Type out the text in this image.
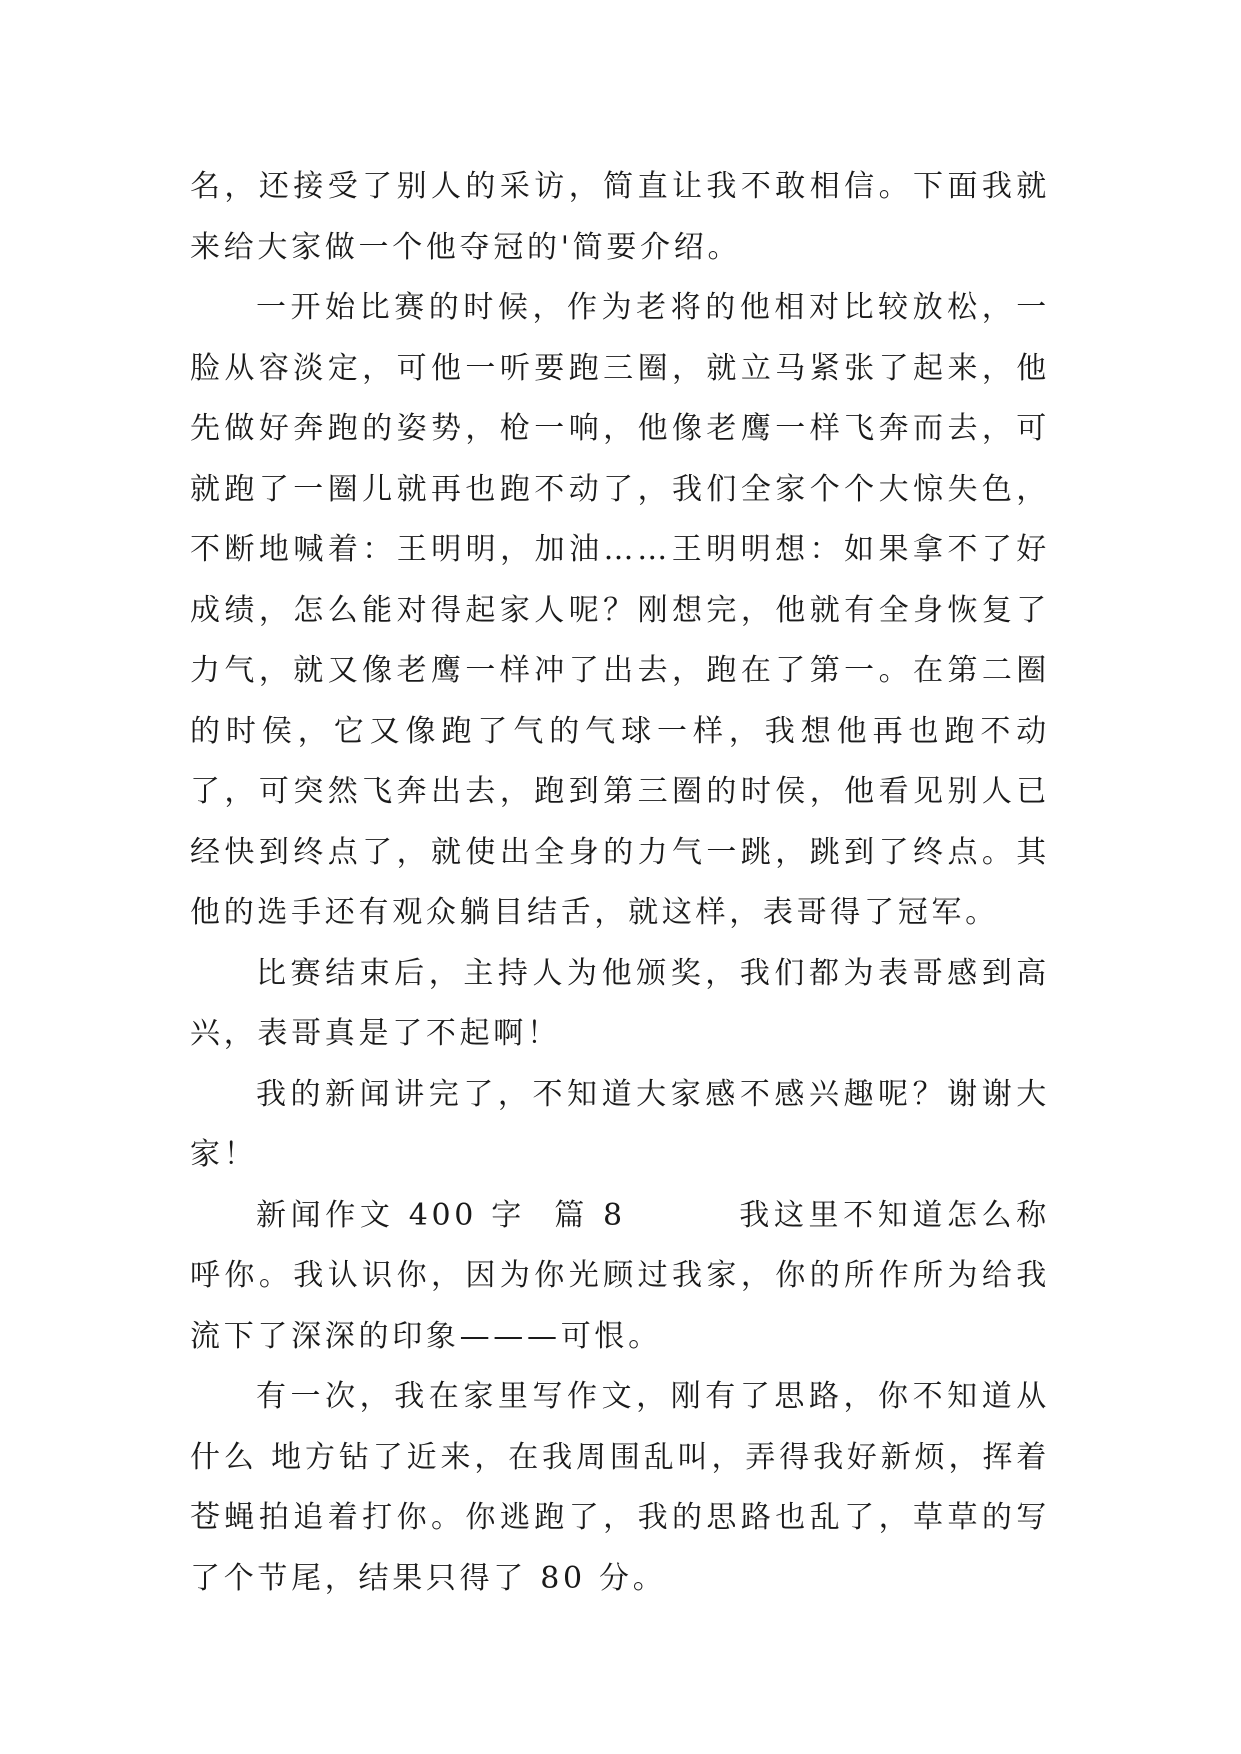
名，还接受了别人的采访，简直让我不敢相信。下面我就来给大家做一个他夺冠的'简要介绍。

一开始比赛的时候，作为老将的他相对比较放松，一脸从容淡定，可他一听要跑三圈，就立马紧张了起来，他先做好奔跑的姿势，枪一响，他像老鹰一样飞奔而去，可就跑了一圈儿就再也跑不动了，我们全家个个大惊失色，不断地喊着：王明明，加油……王明明想：如果拿不了好成绩，怎么能对得起家人呢？刚想完，他就有全身恢复了力气，就又像老鹰一样冲了出去，跑在了第一。在第二圈的时侯，它又像跑了气的气球一样，我想他再也跑不动了，可突然飞奔出去，跑到第三圈的时侯，他看见别人已经快到终点了，就使出全身的力气一跳，跳到了终点。其他的选手还有观众躺目结舌，就这样，表哥得了冠军。

比赛结束后，主持人为他颁奖，我们都为表哥感到高兴，表哥真是了不起啊！

我的新闻讲完了，不知道大家感不感兴趣呢？谢谢大家！

新闻作文 400 字  篇 8        我这里不知道怎么称呼你。我认识你，因为你光顾过我家，你的所作所为给我流下了深深的印象———可恨。

有一次，我在家里写作文，刚有了思路，你不知道从什么 地方钻了近来，在我周围乱叫，弄得我好新烦，挥着苍蝇拍追着打你。你逃跑了，我的思路也乱了，草草的写了个节尾，结果只得了 80 分。
